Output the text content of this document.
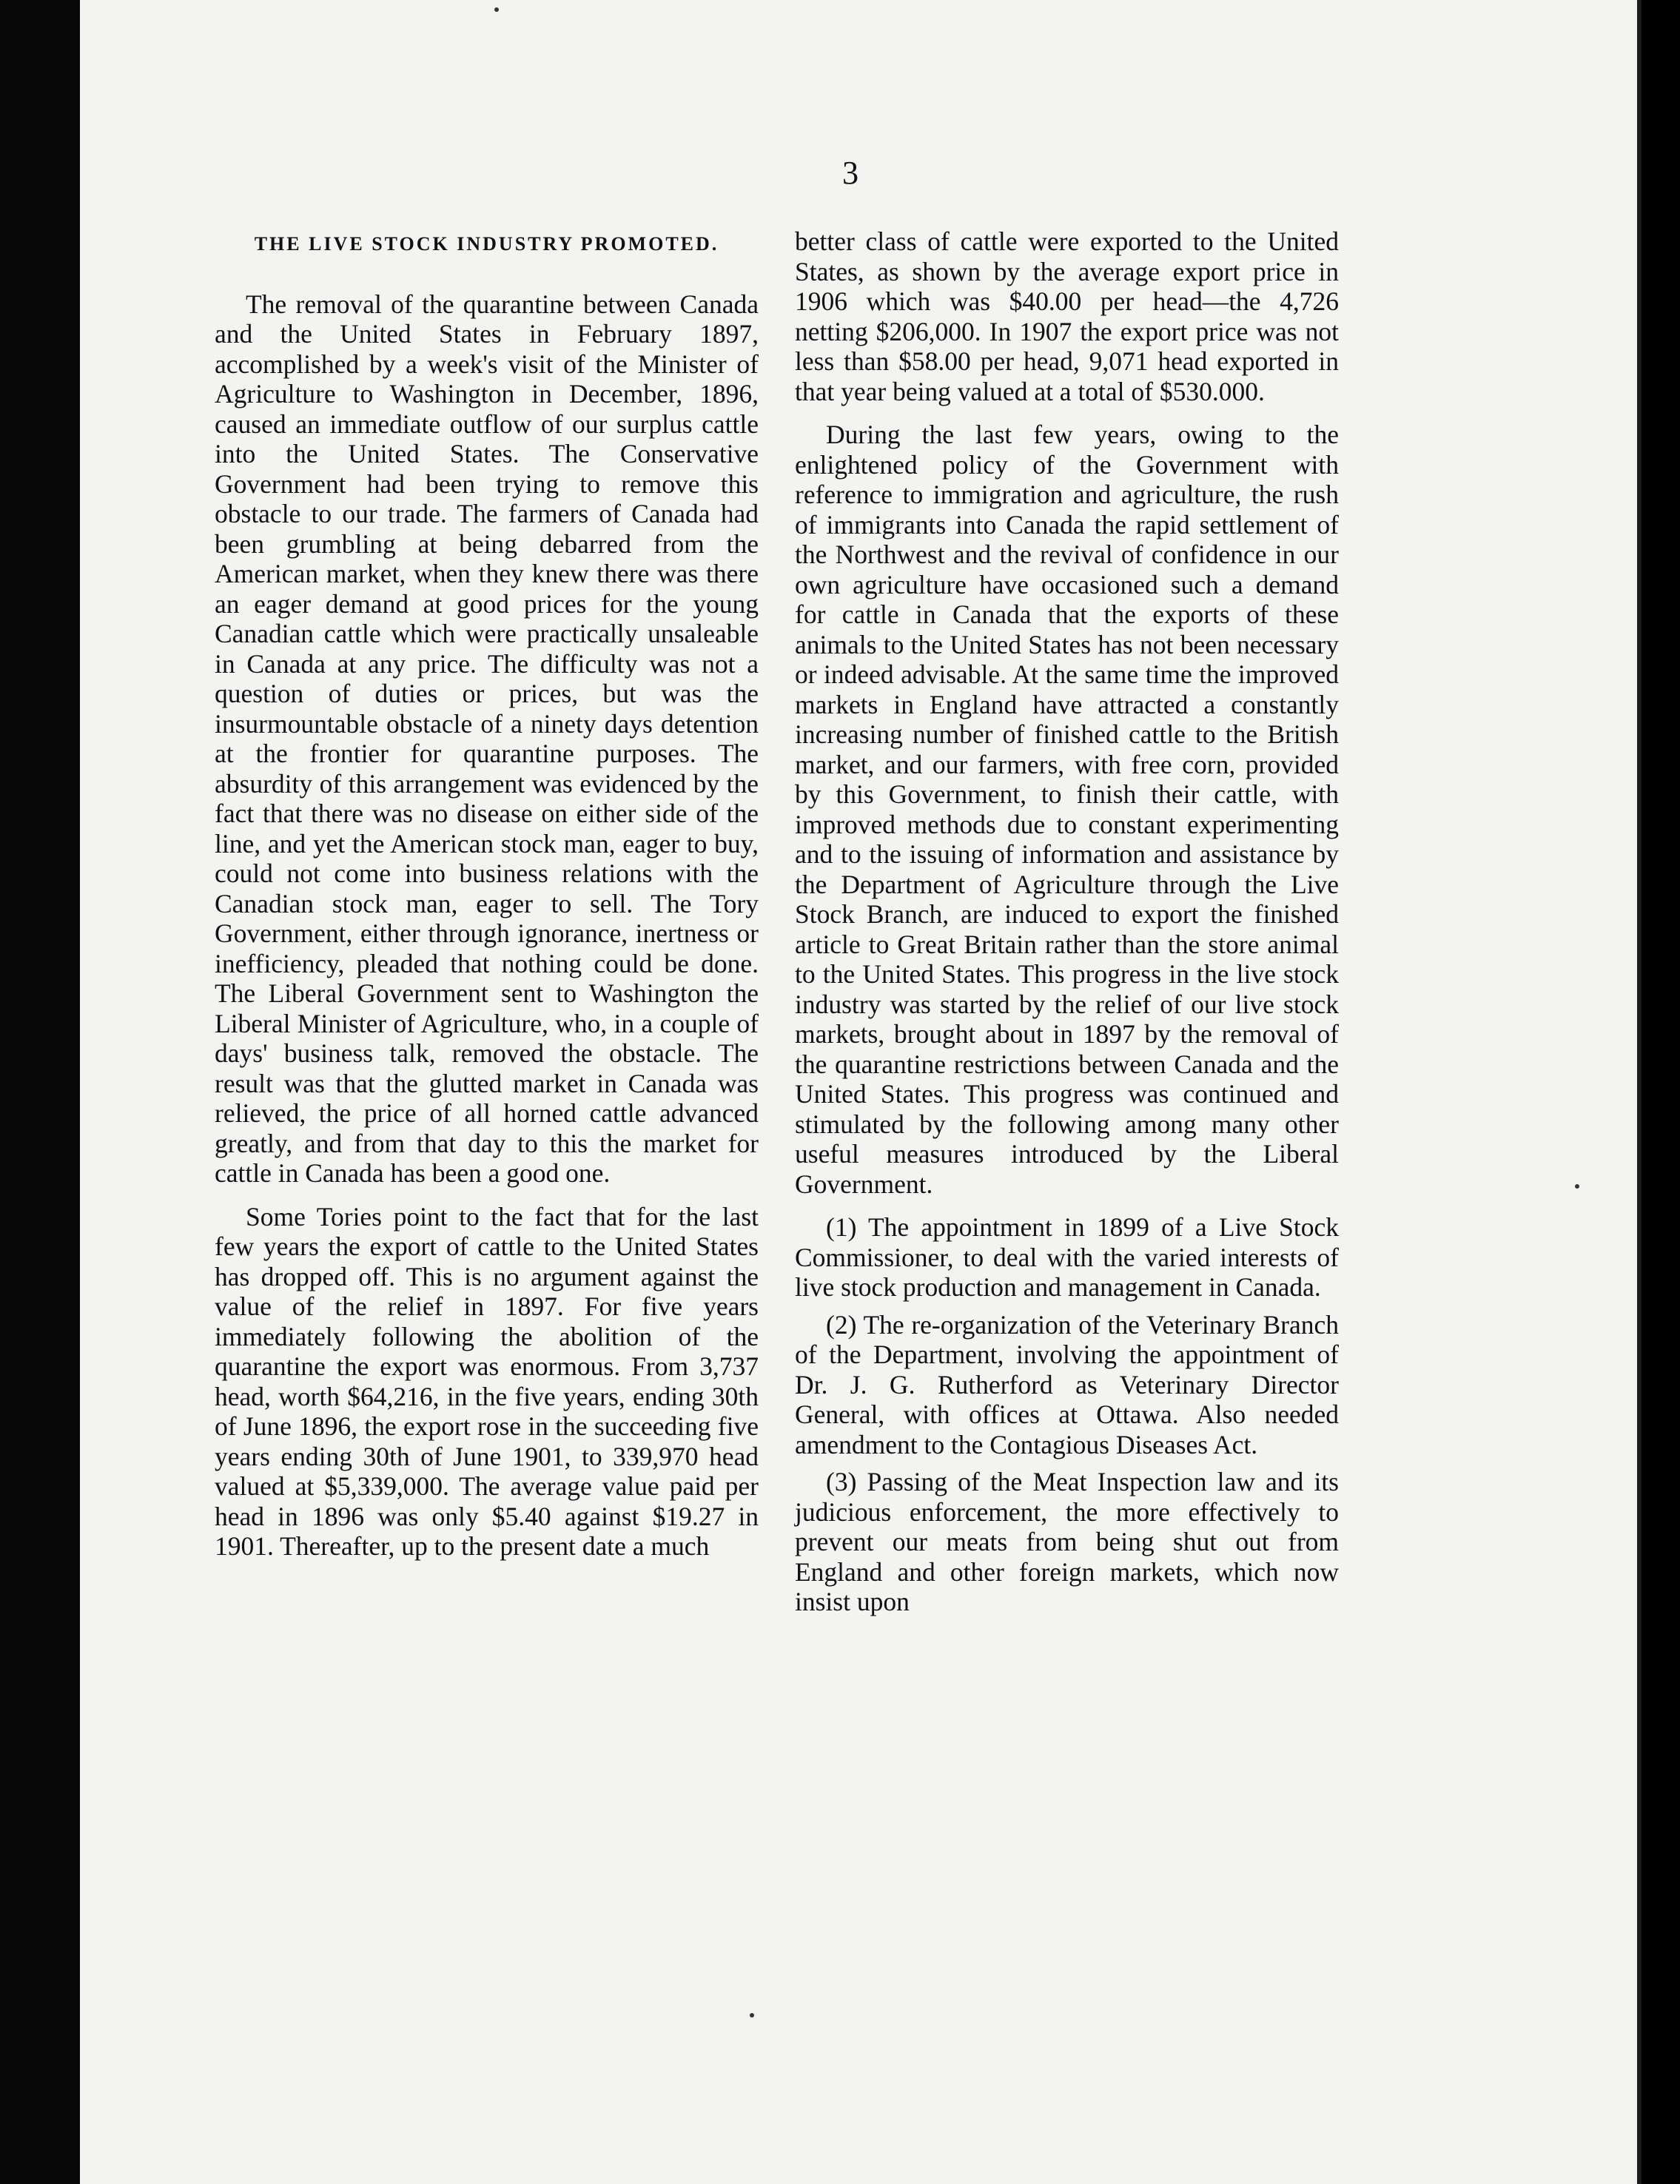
3
THE LIVE STOCK INDUSTRY PROMOTED.

The removal of the quarantine between Canada and the United States in February 1897, accomplished by a week's visit of the Minister of Agriculture to Washington in December, 1896, caused an immediate outflow of our surplus cattle into the United States. The Conservative Government had been trying to remove this obstacle to our trade. The farmers of Canada had been grumbling at being debarred from the American market, when they knew there was there an eager demand at good prices for the young Canadian cattle which were practically unsaleable in Canada at any price. The difficulty was not a question of duties or prices, but was the insurmountable obstacle of a ninety days detention at the frontier for quarantine purposes. The absurdity of this arrangement was evidenced by the fact that there was no disease on either side of the line, and yet the American stock man, eager to buy, could not come into business relations with the Canadian stock man, eager to sell. The Tory Government, either through ignorance, inertness or inefficiency, pleaded that nothing could be done. The Liberal Government sent to Washington the Liberal Minister of Agriculture, who, in a couple of days' business talk, removed the obstacle. The result was that the glutted market in Canada was relieved, the price of all horned cattle advanced greatly, and from that day to this the market for cattle in Canada has been a good one.

Some Tories point to the fact that for the last few years the export of cattle to the United States has dropped off. This is no argument against the value of the relief in 1897. For five years immediately following the abolition of the quarantine the export was enormous. From 3,737 head, worth $64,216, in the five years, ending 30th of June 1896, the export rose in the succeeding five years ending 30th of June 1901, to 339,970 head valued at $5,339,000. The average value paid per head in 1896 was only $5.40 against $19.27 in 1901. Thereafter, up to the present date a much

better class of cattle were exported to the United States, as shown by the average export price in 1906 which was $40.00 per head—the 4,726 netting $206,000. In 1907 the export price was not less than $58.00 per head, 9,071 head exported in that year being valued at a total of $530.000.

During the last few years, owing to the enlightened policy of the Government with reference to immigration and agriculture, the rush of immigrants into Canada the rapid settlement of the Northwest and the revival of confidence in our own agriculture have occasioned such a demand for cattle in Canada that the exports of these animals to the United States has not been necessary or indeed advisable. At the same time the improved markets in England have attracted a constantly increasing number of finished cattle to the British market, and our farmers, with free corn, provided by this Government, to finish their cattle, with improved methods due to constant experimenting and to the issuing of information and assistance by the Department of Agriculture through the Live Stock Branch, are induced to export the finished article to Great Britain rather than the store animal to the United States. This progress in the live stock industry was started by the relief of our live stock markets, brought about in 1897 by the removal of the quarantine restrictions between Canada and the United States. This progress was continued and stimulated by the following among many other useful measures introduced by the Liberal Government.

(1) The appointment in 1899 of a Live Stock Commissioner, to deal with the varied interests of live stock production and management in Canada.

(2) The re-organization of the Veterinary Branch of the Department, involving the appointment of Dr. J. G. Rutherford as Veterinary Director General, with offices at Ottawa. Also needed amendment to the Contagious Diseases Act.

(3) Passing of the Meat Inspection law and its judicious enforcement, the more effectively to prevent our meats from being shut out from England and other foreign markets, which now insist upon
